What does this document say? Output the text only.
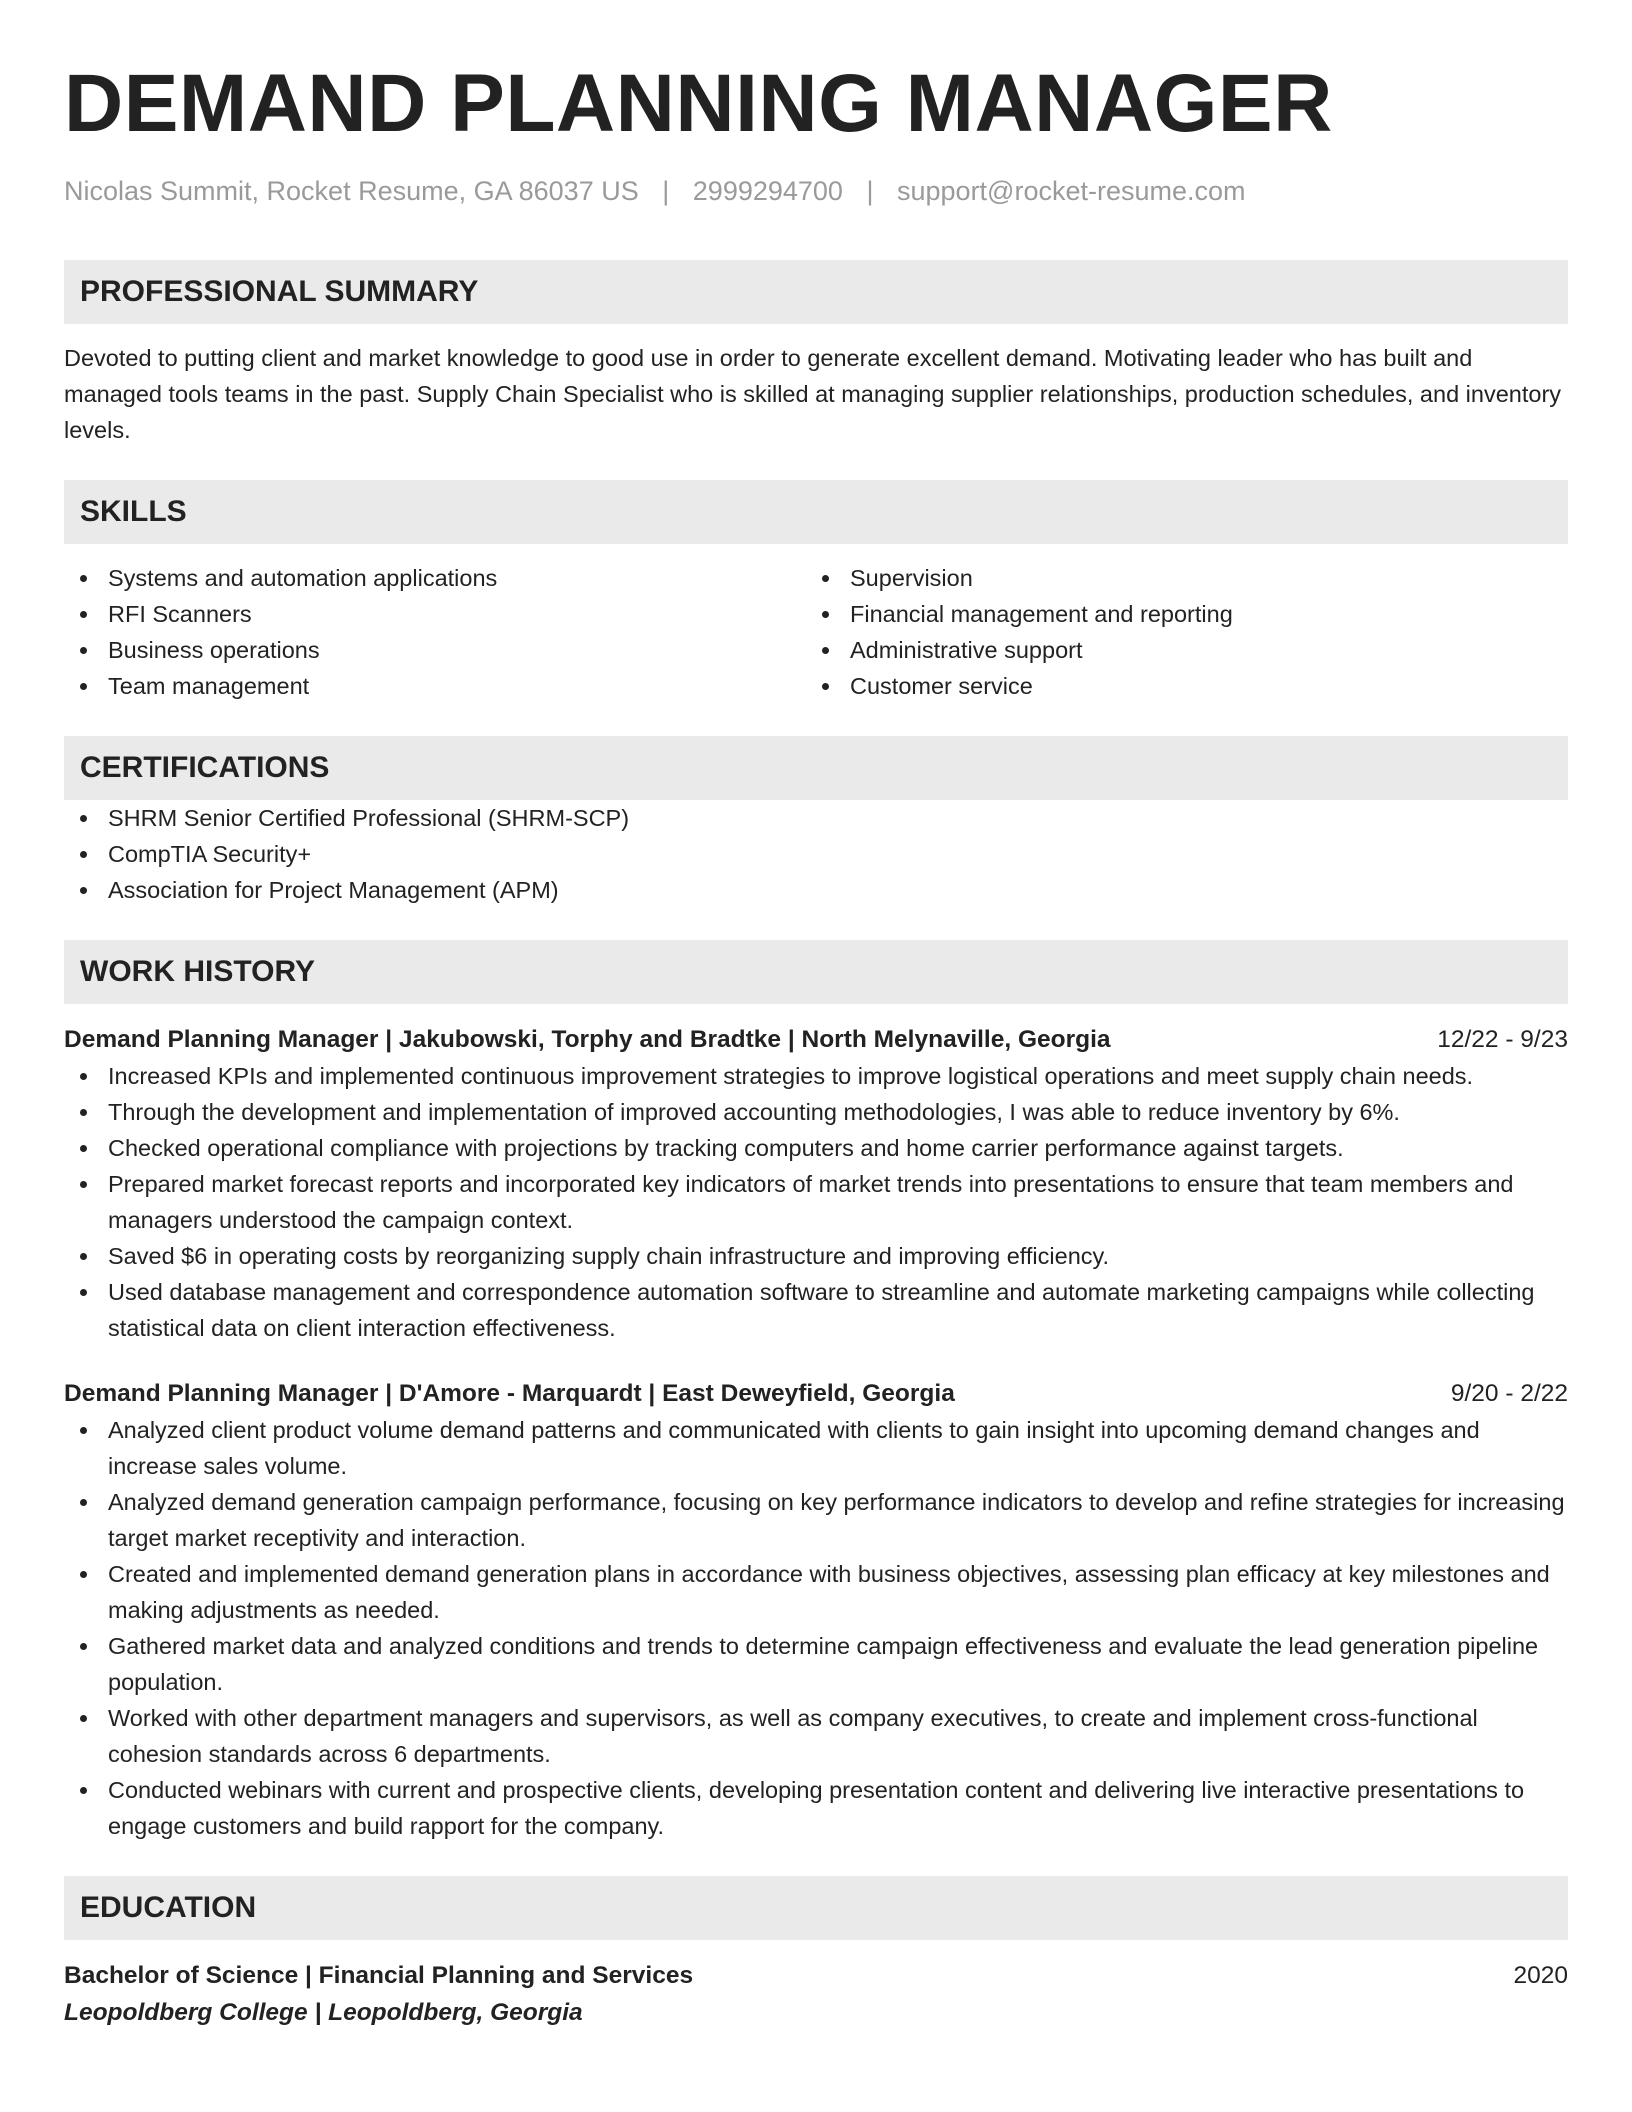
DEMAND PLANNING MANAGER
Nicolas Summit, Rocket Resume, GA 86037 US | 2999294700 | support@rocket-resume.com
PROFESSIONAL SUMMARY
Devoted to putting client and market knowledge to good use in order to generate excellent demand. Motivating leader who has built and managed tools teams in the past. Supply Chain Specialist who is skilled at managing supplier relationships, production schedules, and inventory levels.
SKILLS
Systems and automation applications
RFI Scanners
Business operations
Team management
Supervision
Financial management and reporting
Administrative support
Customer service
CERTIFICATIONS
SHRM Senior Certified Professional (SHRM-SCP)
CompTIA Security+
Association for Project Management (APM)
WORK HISTORY
Demand Planning Manager | Jakubowski, Torphy and Bradtke | North Melynaville, Georgia	12/22 - 9/23
Increased KPIs and implemented continuous improvement strategies to improve logistical operations and meet supply chain needs.
Through the development and implementation of improved accounting methodologies, I was able to reduce inventory by 6%.
Checked operational compliance with projections by tracking computers and home carrier performance against targets.
Prepared market forecast reports and incorporated key indicators of market trends into presentations to ensure that team members and managers understood the campaign context.
Saved $6 in operating costs by reorganizing supply chain infrastructure and improving efficiency.
Used database management and correspondence automation software to streamline and automate marketing campaigns while collecting statistical data on client interaction effectiveness.
Demand Planning Manager | D'Amore - Marquardt | East Deweyfield, Georgia	9/20 - 2/22
Analyzed client product volume demand patterns and communicated with clients to gain insight into upcoming demand changes and increase sales volume.
Analyzed demand generation campaign performance, focusing on key performance indicators to develop and refine strategies for increasing target market receptivity and interaction.
Created and implemented demand generation plans in accordance with business objectives, assessing plan efficacy at key milestones and making adjustments as needed.
Gathered market data and analyzed conditions and trends to determine campaign effectiveness and evaluate the lead generation pipeline population.
Worked with other department managers and supervisors, as well as company executives, to create and implement cross-functional cohesion standards across 6 departments.
Conducted webinars with current and prospective clients, developing presentation content and delivering live interactive presentations to engage customers and build rapport for the company.
EDUCATION
Bachelor of Science | Financial Planning and Services	2020
Leopoldberg College | Leopoldberg, Georgia
